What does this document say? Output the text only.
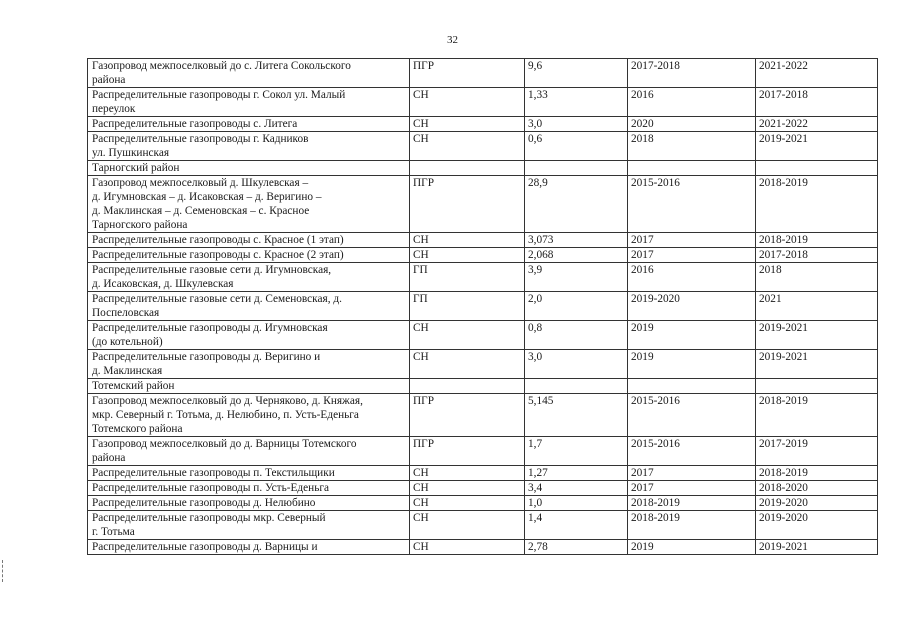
32
Газопровод межпоселковый до с. Литега Сокольского
района	ПГР	9,6	2017-2018	2021-2022
Распределительные газопроводы г. Сокол ул. Малый
переулок	СН	1,33	2016	2017-2018
Распределительные газопроводы с. Литега	СН	3,0	2020	2021-2022
Распределительные газопроводы г. Кадников
ул. Пушкинская	СН	0,6	2018	2019-2021
Тарногский район				
Газопровод межпоселковый д. Шкулевская –
д. Игумновская – д. Исаковская – д. Веригино –
д. Маклинская – д. Семеновская – с. Красное
Тарногского района	ПГР	28,9	2015-2016	2018-2019
Распределительные газопроводы с. Красное (1 этап)	СН	3,073	2017	2018-2019
Распределительные газопроводы с. Красное (2 этап)	СН	2,068	2017	2017-2018
Распределительные газовые сети д. Игумновская,
д. Исаковская, д. Шкулевская	ГП	3,9	2016	2018
Распределительные газовые сети д. Семеновская, д.
Поспеловская	ГП	2,0	2019-2020	2021
Распределительные газопроводы д. Игумновская
(до котельной)	СН	0,8	2019	2019-2021
Распределительные газопроводы д. Веригино и
д. Маклинская	СН	3,0	2019	2019-2021
Тотемский район				
Газопровод межпоселковый до д. Черняково, д. Княжая,
мкр. Северный г. Тотьма, д. Нелюбино, п. Усть-Еденьга
Тотемского района	ПГР	5,145	2015-2016	2018-2019
Газопровод межпоселковый до д. Варницы Тотемского
района	ПГР	1,7	2015-2016	2017-2019
Распределительные газопроводы п. Текстильщики	СН	1,27	2017	2018-2019
Распределительные газопроводы п. Усть-Еденьга	СН	3,4	2017	2018-2020
Распределительные газопроводы д. Нелюбино	СН	1,0	2018-2019	2019-2020
Распределительные газопроводы мкр. Северный
г. Тотьма	СН	1,4	2018-2019	2019-2020
Распределительные газопроводы д. Варницы и	СН	2,78	2019	2019-2021
